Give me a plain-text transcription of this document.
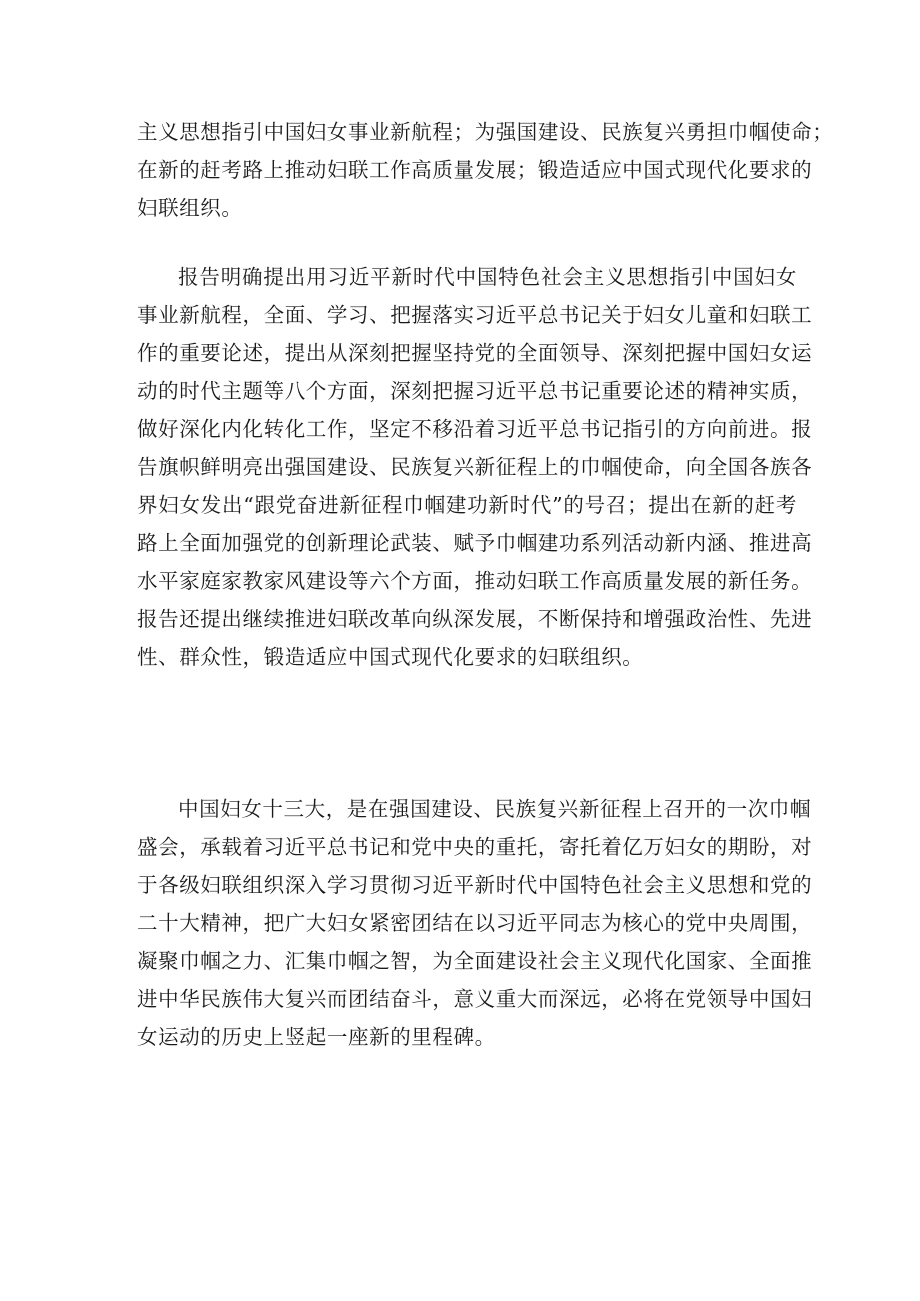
主义思想指引中国妇女事业新航程；为强国建设、民族复兴勇担巾帼使命；
在新的赶考路上推动妇联工作高质量发展；锻造适应中国式现代化要求的
妇联组织。
报告明确提出用习近平新时代中国特色社会主义思想指引中国妇女
事业新航程，全面、学习、把握落实习近平总书记关于妇女儿童和妇联工
作的重要论述，提出从深刻把握坚持党的全面领导、深刻把握中国妇女运
动的时代主题等八个方面，深刻把握习近平总书记重要论述的精神实质，
做好深化内化转化工作，坚定不移沿着习近平总书记指引的方向前进。报
告旗帜鲜明亮出强国建设、民族复兴新征程上的巾帼使命，向全国各族各
界妇女发出“跟党奋进新征程巾帼建功新时代”的号召；提出在新的赶考
路上全面加强党的创新理论武装、赋予巾帼建功系列活动新内涵、推进高
水平家庭家教家风建设等六个方面，推动妇联工作高质量发展的新任务。
报告还提出继续推进妇联改革向纵深发展，不断保持和增强政治性、先进
性、群众性，锻造适应中国式现代化要求的妇联组织。
中国妇女十三大，是在强国建设、民族复兴新征程上召开的一次巾帼
盛会，承载着习近平总书记和党中央的重托，寄托着亿万妇女的期盼，对
于各级妇联组织深入学习贯彻习近平新时代中国特色社会主义思想和党的
二十大精神，把广大妇女紧密团结在以习近平同志为核心的党中央周围，
凝聚巾帼之力、汇集巾帼之智，为全面建设社会主义现代化国家、全面推
进中华民族伟大复兴而团结奋斗，意义重大而深远，必将在党领导中国妇
女运动的历史上竖起一座新的里程碑。
